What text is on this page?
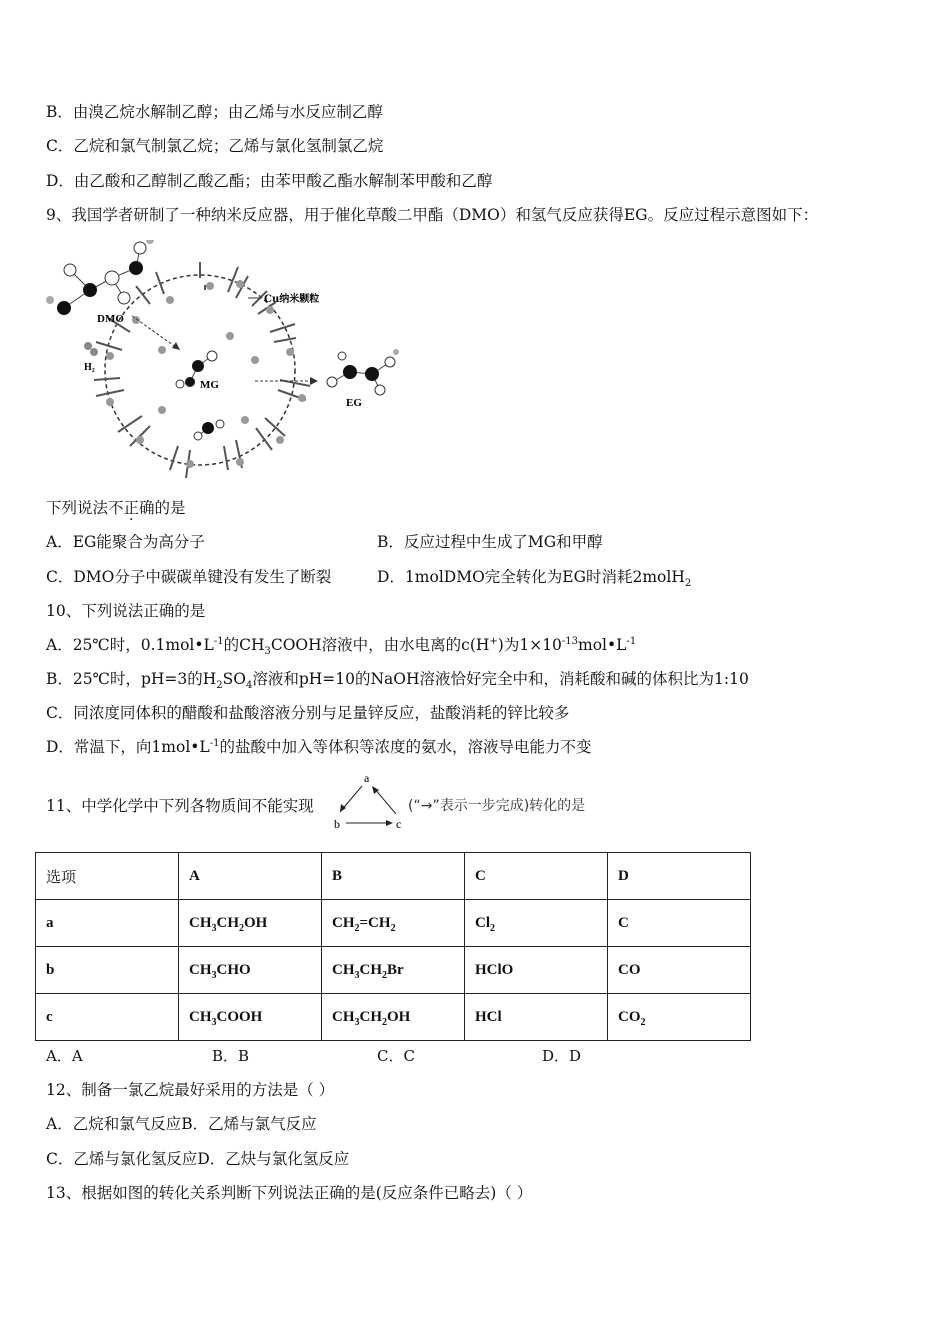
B．由溴乙烷水解制乙醇；由乙烯与水反应制乙醇
C．乙烷和氯气制氯乙烷；乙烯与氯化氢制氯乙烷
D．由乙酸和乙醇制乙酸乙酯；由苯甲酸乙酯水解制苯甲酸和乙醇
9、我国学者研制了一种纳米反应器，用于催化草酸二甲酯（DMO）和氢气反应获得EG。反应过程示意图如下：
DMO
H₂
MG
EG
Cu纳米颗粒
下列说法不正确的是
A．EG能聚合为高分子	B．反应过程中生成了MG和甲醇
C．DMO分子中碳碳单键没有发生了断裂	D．1molDMO完全转化为EG时消耗2molH$_2$
10、下列说法正确的是
A．25℃时，$0.1mol•L^{-1}$的$CH_3COOH$溶液中，由水电离的c(H+)为$1\times 10^{-13}mol•L^{-1}$
B．25℃时，pH=3的$H_2SO_4$溶液和pH=10的NaOH溶液恰好完全中和，消耗酸和碱的体积比为1:10
C．同浓度同体积的醋酸和盐酸溶液分别与足量锌反应，盐酸消耗的锌比较多
D．常温下，向$1mol•L^{-1}$的盐酸中加入等体积等浓度的氨水，溶液导电能力不变
11、中学化学中下列各物质间不能实现
a
b	c
(“→”表示一步完成)转化的是
选项	A	B	C	D
a	$CH_3CH_2OH$	$CH_2=CH_2$	$Cl_2$	C
b	$CH_3CHO$	$CH_3CH_2Br$	HClO	CO
c	$CH_3COOH$	$CH_3CH_2OH$	HCl	$CO_2$
A．A	B．B	C．C	D．D
12、制备一氯乙烷最好采用的方法是（ ）
A．乙烷和氯气反应B．乙烯与氯气反应
C．乙烯与氯化氢反应D．乙炔与氯化氢反应
13、根据如图的转化关系判断下列说法正确的是(反应条件已略去)（ ）
